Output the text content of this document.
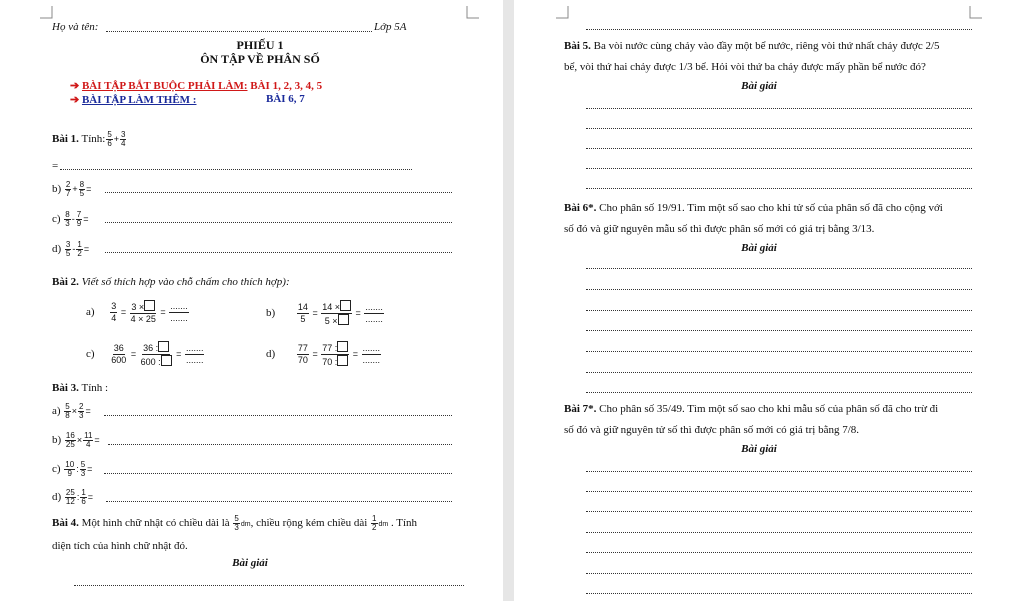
Họ và tên:	Lớp 5A
PHIẾU 1
ÔN TẬP VỀ PHÂN SỐ
➔ BÀI TẬP BẮT BUỘC PHẢI LÀM: BÀI 1, 2, 3, 4, 5
➔ BÀI TẬP LÀM THÊM :	BÀI 6, 7
Bài 1. Tính: $\frac{5}{6} + \frac{3}{4}$
=
$b) \frac{2}{7} + \frac{8}{5}$ =
$c) \frac{8}{3} - \frac{7}{9}$ =
$d) \frac{3}{5} - \frac{1}{2}$ =
Bài 2. Viết số thích hợp vào chỗ chấm cho thích hợp):
$a) \frac{3}{4} = \frac{3 \times}{4 \times 25}$ =
.......
.......	$b) \frac{14}{5} = \frac{14 \times}{5 \times}$ =
.......
.......
$c) \frac{36}{600} = \frac{36 :}{600 :}$ =
.......
.......
$d) \frac{77}{70} = \frac{77 :}{70 :}$ =
.......
.......
Bài 3. Tính :
$a) \frac{5}{8} \times \frac{2}{3}$ =
$b) \frac{16}{25} \times \frac{11}{4}$ =
$c) \frac{10}{9}$ : $\frac{5}{3}$ =
$d) \frac{25}{12}$ : $\frac{1}{6}$ =
Bài 4. Một hình chữ nhật có chiều dài là $\frac{5}{3}$ dm, chiều rộng kém chiều dài $\frac{1}{2}$ dm . Tính
diện tích của hình chữ nhật đó.
Bài giải
Bài 5. Ba vòi nước cùng chảy vào đầy một bể nước, riêng vòi thứ nhất chảy được 2/5
bể, vòi thứ hai chảy được 1/3 bể. Hỏi vòi thứ ba chảy được mấy phần bể nước đó?
Bài giải
Bài 6*. Cho phân số 19/91. Tìm một số sao cho khi tử số của phân số đã cho cộng với
số đó và giữ nguyên mẫu số thì được phân số mới có giá trị bằng 3/13.
Bài giải
Bài 7*. Cho phân số 35/49. Tìm một số sao cho khi mẫu số của phân số đã cho trừ đi
số đó và giữ nguyên tử số thì được phân số mới có giá trị bằng 7/8.
Bài giải
